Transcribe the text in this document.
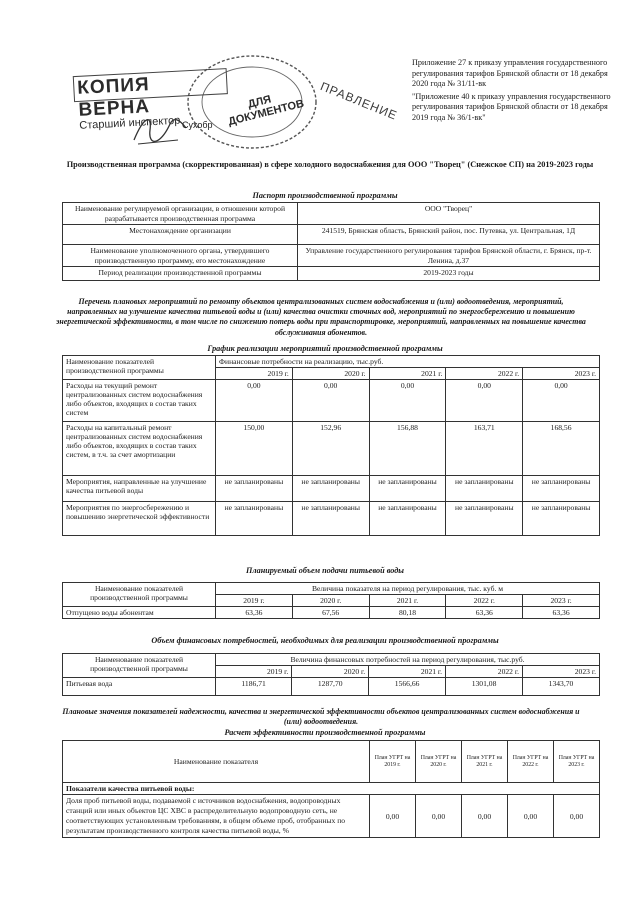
Приложение 27 к приказу управления государственного регулирования тарифов Брянской области от 18 декабря 2020 года № 31/11-вк

"Приложение 40 к приказу управления государственного регулирования тарифов Брянской области от 18 декабря 2019 года № 36/1-вк"

КОПИЯ ВЕРНА
Старший инспектор
ДЛЯ ДОКУМЕНТОВ ПРАВЛЕНИЕ
Сухобр
Производственная программа (скорректированная) в сфере холодного водоснабжения для ООО "Творец" (Снежское СП) на 2019-2023 годы
Паспорт производственной программы
Наименование регулируемой организации, в отношении которой разрабатывается производственная программа	ООО "Творец"
Местонахождение организации	241519, Брянская область, Брянский район, пос. Путевка, ул. Центральная, 1Д
Наименование уполномоченного органа, утвердившего производственную программу, его местонахождение	Управление государственного регулирования тарифов Брянской области, г. Брянск, пр-т. Ленина, д.37
Период реализации производственной программы	2019-2023 годы
Перечень плановых мероприятий по ремонту объектов централизованных систем водоснабжения и (или) водоотведения, мероприятий, направленных на улучшение качества питьевой воды и (или) качества очистки сточных вод, мероприятий по энергосбережению и повышению энергетической эффективности, в том числе по снижению потерь воды при транспортировке, мероприятий, направленных на повышение качества обслуживания абонентов.
График реализации мероприятий производственной программы
Наименование показателей производственной программы	Финансовые потребности на реализацию, тыс.руб.				
	2019 г.	2020 г.	2021 г.	2022 г.	2023 г.
Расходы на текущий ремонт централизованных систем водоснабжения либо объектов, входящих в состав таких систем	0,00	0,00	0,00	0,00	0,00
Расходы на капитальный ремонт централизованных систем водоснабжения либо объектов, входящих в состав таких систем, в т.ч. за счет амортизации	150,00	152,96	156,88	163,71	168,56
Мероприятия, направленные на улучшение качества питьевой воды	не запланированы	не запланированы	не запланированы	не запланированы	не запланированы
Мероприятия по энергосбережению и повышению энергетической эффективности	не запланированы	не запланированы	не запланированы	не запланированы	не запланированы
Планируемый объем подачи питьевой воды
Наименование показателей производственной программы	Величина показателя на период регулирования, тыс. куб. м				
	2019 г.	2020 г.	2021 г.	2022 г.	2023 г.
Отпущено воды абонентам	63,36	67,56	80,18	63,36	63,36
Объем финансовых потребностей, необходимых для реализации производственной программы
Наименование показателей производственной программы	Величина финансовых потребностей на период регулирования, тыс.руб.				
	2019 г.	2020 г.	2021 г.	2022 г.	2023 г.
Питьевая вода	1186,71	1287,70	1566,66	1301,08	1343,70
Плановые значения показателей надежности, качества и энергетической эффективности объектов централизованных систем водоснабжения и (или) водоотведения.
Расчет эффективности производственной программы
Наименование показателя	План УГРТ на 2019 г.	План УГРТ на 2020 г.	План УГРТ на 2021 г.	План УГРТ на 2022 г.	План УГРТ на 2023 г.
Показатели качества питьевой воды:					
Доля проб питьевой воды, подаваемой с источников водоснабжения, водопроводных станций или иных объектов ЦС ХВС в распределительную водопроводную сеть, не соответствующих установленным требованиям, в общем объеме проб, отобранных по результатам производственного контроля качества питьевой воды, %	0,00	0,00	0,00	0,00	0,00
